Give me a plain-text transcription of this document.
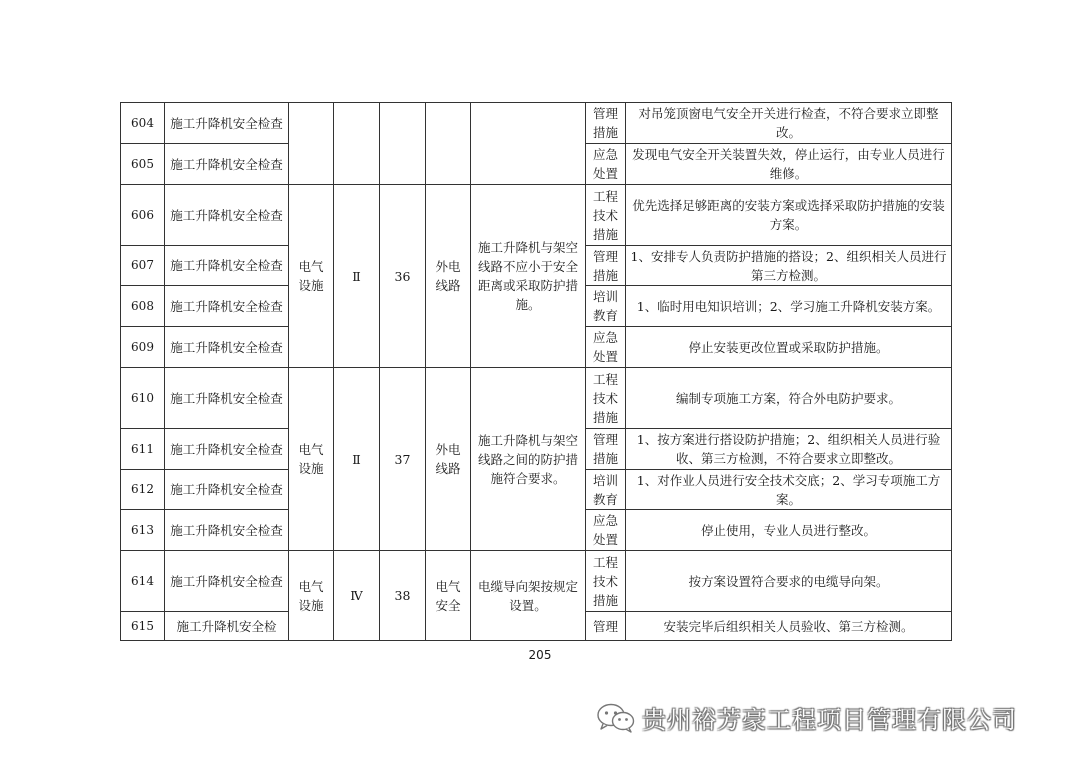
604	施工升降机安全检查						管理措施	对吊笼顶窗电气安全开关进行检查，不符合要求立即整改。
605	施工升降机安全检查						应急处置	发现电气安全开关装置失效，停止运行，由专业人员进行维修。
606	施工升降机安全检查	电气设施	Ⅱ	36	外电线路	施工升降机与架空线路不应小于安全距离或采取防护措施。	工程技术措施	优先选择足够距离的安装方案或选择采取防护措施的安装方案。
607	施工升降机安全检查						管理措施	1、安排专人负责防护措施的搭设；2、组织相关人员进行第三方检测。
608	施工升降机安全检查						培训教育	1、临时用电知识培训；2、学习施工升降机安装方案。
609	施工升降机安全检查						应急处置	停止安装更改位置或采取防护措施。
610	施工升降机安全检查	电气设施	Ⅱ	37	外电线路	施工升降机与架空线路之间的防护措施符合要求。	工程技术措施	编制专项施工方案，符合外电防护要求。
611	施工升降机安全检查						管理措施	1、按方案进行搭设防护措施；2、组织相关人员进行验收、第三方检测，不符合要求立即整改。
612	施工升降机安全检查						培训教育	1、对作业人员进行安全技术交底；2、学习专项施工方案。
613	施工升降机安全检查						应急处置	停止使用，专业人员进行整改。
614	施工升降机安全检查	电气设施	Ⅳ	38	电气安全	电缆导向架按规定设置。	工程技术措施	按方案设置符合要求的电缆导向架。
615	施工升降机安全检						管理	安装完毕后组织相关人员验收、第三方检测。
205
贵州裕芳豪工程项目管理有限公司
